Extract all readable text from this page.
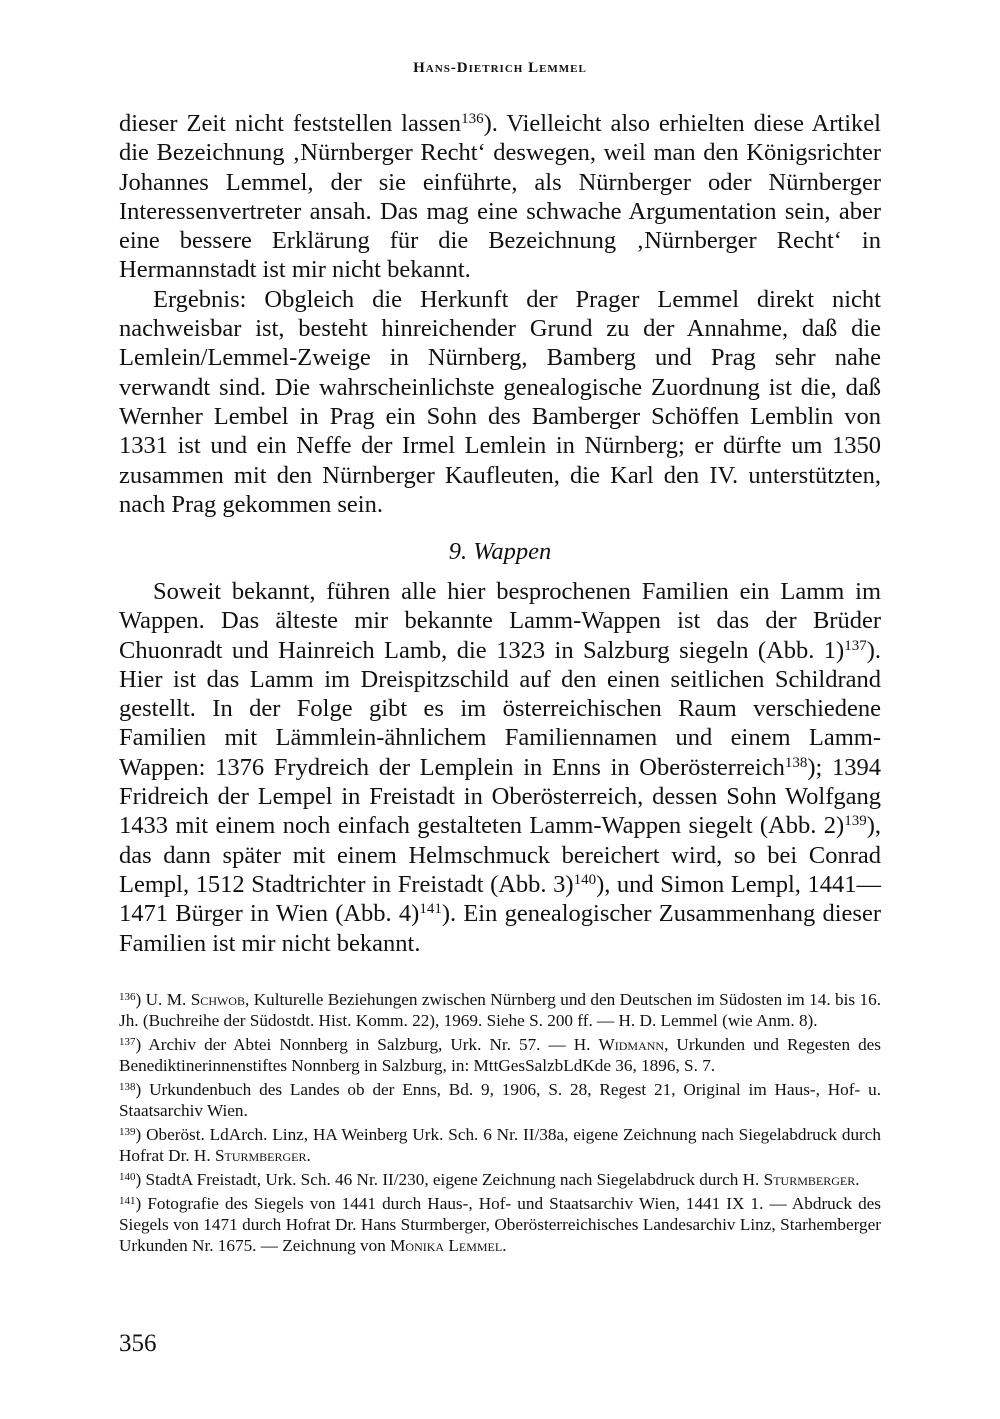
Hans-Dietrich Lemmel

dieser Zeit nicht feststellen lassen$^{136}$). Vielleicht also erhielten diese Artikel die Bezeichnung ‚Nürnberger Recht‘ deswegen, weil man den Königsrichter Johannes Lemmel, der sie einführte, als Nürnberger oder Nürnberger Interessenvertreter ansah. Das mag eine schwache Argumentation sein, aber eine bessere Erklärung für die Bezeichnung ‚Nürnberger Recht‘ in Hermannstadt ist mir nicht bekannt.

Ergebnis: Obgleich die Herkunft der Prager Lemmel direkt nicht nachweisbar ist, besteht hinreichender Grund zu der Annahme, daß die Lemlein/Lemmel-Zweige in Nürnberg, Bamberg und Prag sehr nahe verwandt sind. Die wahrscheinlichste genealogische Zuordnung ist die, daß Wernher Lembel in Prag ein Sohn des Bamberger Schöffen Lemblin von 1331 ist und ein Neffe der Irmel Lemlein in Nürnberg; er dürfte um 1350 zusammen mit den Nürnberger Kaufleuten, die Karl den IV. unterstützten, nach Prag gekommen sein.

9. Wappen

Soweit bekannt, führen alle hier besprochenen Familien ein Lamm im Wappen. Das älteste mir bekannte Lamm-Wappen ist das der Brüder Chuonradt und Hainreich Lamb, die 1323 in Salzburg siegeln (Abb. 1)$^{137}$). Hier ist das Lamm im Dreispitzschild auf den einen seitlichen Schildrand gestellt. In der Folge gibt es im österreichischen Raum verschiedene Familien mit Lämmlein-ähnlichem Familiennamen und einem Lamm-Wappen: 1376 Frydreich der Lemplein in Enns in Oberösterreich$^{138}$); 1394 Fridreich der Lempel in Freistadt in Oberösterreich, dessen Sohn Wolfgang 1433 mit einem noch einfach gestalteten Lamm-Wappen siegelt (Abb. 2)$^{139}$), das dann später mit einem Helmschmuck bereichert wird, so bei Conrad Lempl, 1512 Stadtrichter in Freistadt (Abb. 3)$^{140}$), und Simon Lempl, 1441—1471 Bürger in Wien (Abb. 4)$^{141}$). Ein genealogischer Zusammenhang dieser Familien ist mir nicht bekannt.

$^{136}$) U. M. Schwob, Kulturelle Beziehungen zwischen Nürnberg und den Deutschen im Südosten im 14. bis 16. Jh. (Buchreihe der Südostdt. Hist. Komm. 22), 1969. Siehe S. 200 ff. — H. D. Lemmel (wie Anm. 8).

$^{137}$) Archiv der Abtei Nonnberg in Salzburg, Urk. Nr. 57. — H. Widmann, Urkunden und Regesten des Benediktinerinnenstiftes Nonnberg in Salzburg, in: MttGesSalzbLdKde 36, 1896, S. 7.

$^{138}$) Urkundenbuch des Landes ob der Enns, Bd. 9, 1906, S. 28, Regest 21, Original im Haus-, Hof- u. Staatsarchiv Wien.

$^{139}$) Oberöst. LdArch. Linz, HA Weinberg Urk. Sch. 6 Nr. II/38a, eigene Zeichnung nach Siegelabdruck durch Hofrat Dr. H. Sturmberger.

$^{140}$) StadtA Freistadt, Urk. Sch. 46 Nr. II/230, eigene Zeichnung nach Siegelabdruck durch H. Sturmberger.

$^{141}$) Fotografie des Siegels von 1441 durch Haus-, Hof- und Staatsarchiv Wien, 1441 IX 1. — Abdruck des Siegels von 1471 durch Hofrat Dr. Hans Sturmberger, Oberösterreichisches Landesarchiv Linz, Starhemberger Urkunden Nr. 1675. — Zeichnung von Monika Lemmel.

356
